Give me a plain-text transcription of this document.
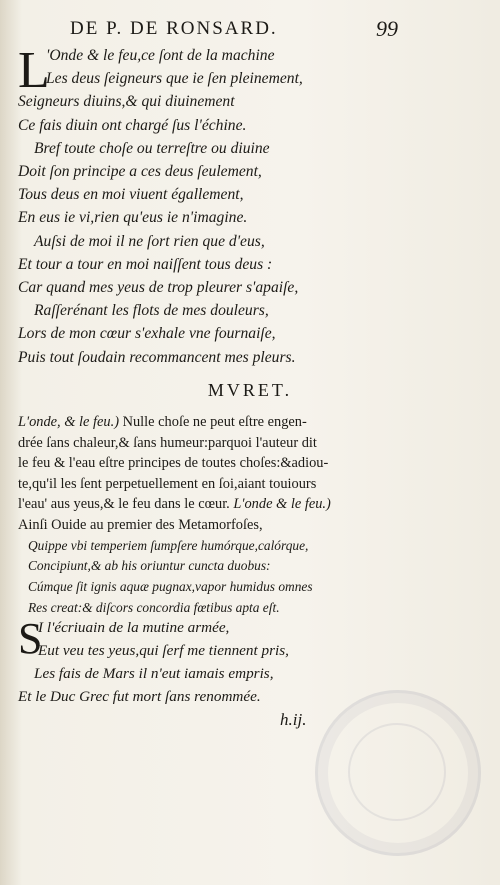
DE P. DE RONSARD.	99
L
'Onde & le feu,ce ſont de la machine
Les deus ſeigneurs que ie ſen pleinement,
Seigneurs diuins,& qui diuinement
Ce fais diuin ont chargé ſus l'échine.
Bref toute choſe ou terreſtre ou diuine
Doit ſon principe a ces deus ſeulement,
Tous deus en moi viuent égallement,
En eus ie vi,rien qu'eus ie n'imagine.
Auſsi de moi il ne ſort rien que d'eus,
Et tour a tour en moi naiſſent tous deus :
Car quand mes yeus de trop pleurer s'apaiſe,
Raſſerénant les flots de mes douleurs,
Lors de mon cœur s'exhale vne fournaiſe,
Puis tout ſoudain recommancent mes pleurs.
MVRET.
L'onde, & le feu.) Nulle choſe ne peut eſtre engen-
drée ſans chaleur,& ſans humeur:parquoi l'auteur dit
le feu & l'eau eſtre principes de toutes choſes:&adiou-
te,qu'il les ſent perpetuellement en ſoi,aiant touiours
l'eau' aus yeus,& le feu dans le cœur. L'onde & le feu.)
Ainſi Ouide au premier des Metamorfoſes,
Quippe vbi temperiem ſumpſere humórque,calórque,
Concipiunt,& ab his oriuntur cuncta duobus:
Cúmque ſit ignis aquæ pugnax,vapor humidus omnes
Res creat:& diſcors concordia fœtibus apta eſt.
S
I l'écriuain de la mutine armée,
Eut veu tes yeus,qui ſerf me tiennent pris,
Les fais de Mars il n'eut iamais empris,
Et le Duc Grec fut mort ſans renommée.
h.ij.
